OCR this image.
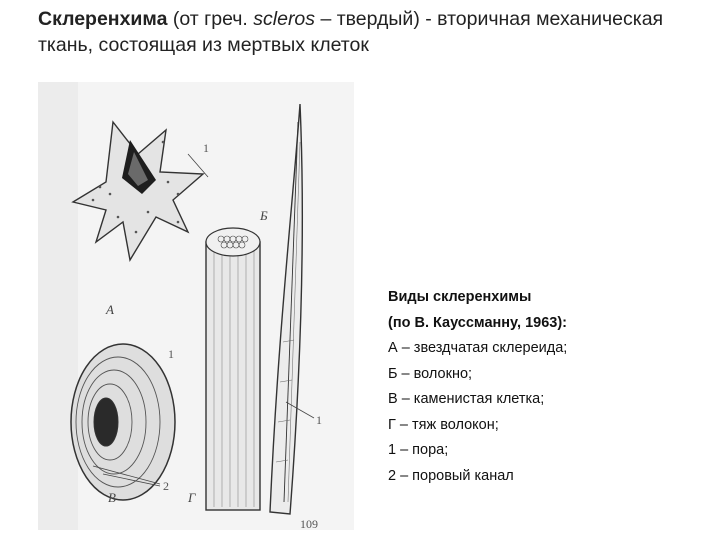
Склеренхима (от греч. scleros – твердый) - вторичная механическая ткань, состоящая из мертвых клеток
А
1
1
2
В	Г
Б
1
109
Виды склеренхимы
(по В. Кауссманну, 1963):
А – звездчатая склереида;
Б – волокно;
В – каменистая клетка;
Г – тяж волокон;
1 – пора;
2 – поровый канал
